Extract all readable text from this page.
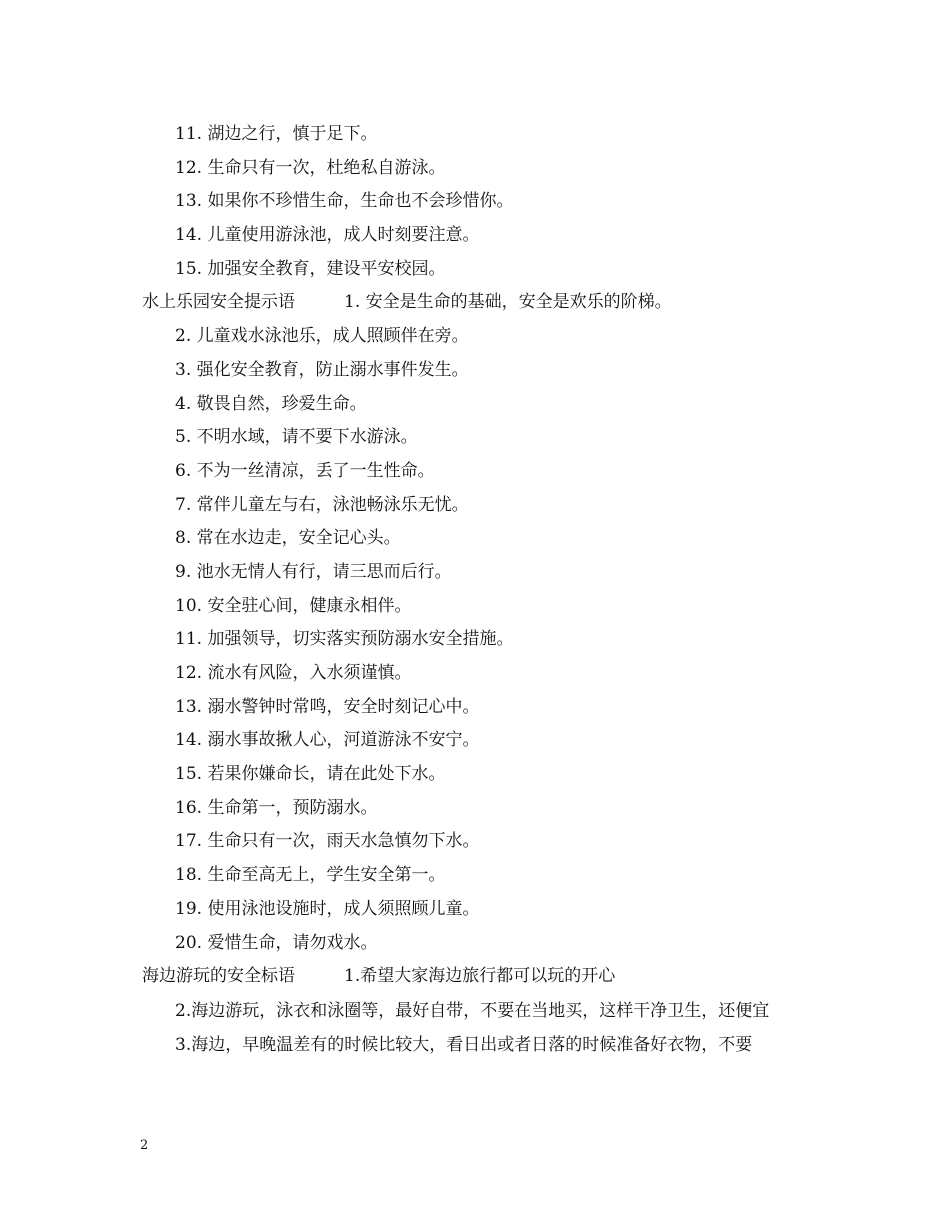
11. 湖边之行，慎于足下。
12. 生命只有一次，杜绝私自游泳。
13. 如果你不珍惜生命，生命也不会珍惜你。
14. 儿童使用游泳池，成人时刻要注意。
15. 加强安全教育，建设平安校园。
水上乐园安全提示语	1. 安全是生命的基础，安全是欢乐的阶梯。
2. 儿童戏水泳池乐，成人照顾伴在旁。
3. 强化安全教育，防止溺水事件发生。
4. 敬畏自然，珍爱生命。
5. 不明水域，请不要下水游泳。
6. 不为一丝清凉，丢了一生性命。
7. 常伴儿童左与右，泳池畅泳乐无忧。
8. 常在水边走，安全记心头。
9. 池水无情人有行，请三思而后行。
10. 安全驻心间，健康永相伴。
11. 加强领导，切实落实预防溺水安全措施。
12. 流水有风险，入水须谨慎。
13. 溺水警钟时常鸣，安全时刻记心中。
14. 溺水事故揪人心，河道游泳不安宁。
15. 若果你嫌命长，请在此处下水。
16. 生命第一，预防溺水。
17. 生命只有一次，雨天水急慎勿下水。
18. 生命至高无上，学生安全第一。
19. 使用泳池设施时，成人须照顾儿童。
20. 爱惜生命，请勿戏水。
海边游玩的安全标语	1.希望大家海边旅行都可以玩的开心
2.海边游玩，泳衣和泳圈等，最好自带，不要在当地买，这样干净卫生，还便宜
3.海边，早晚温差有的时候比较大，看日出或者日落的时候准备好衣物，不要
2
